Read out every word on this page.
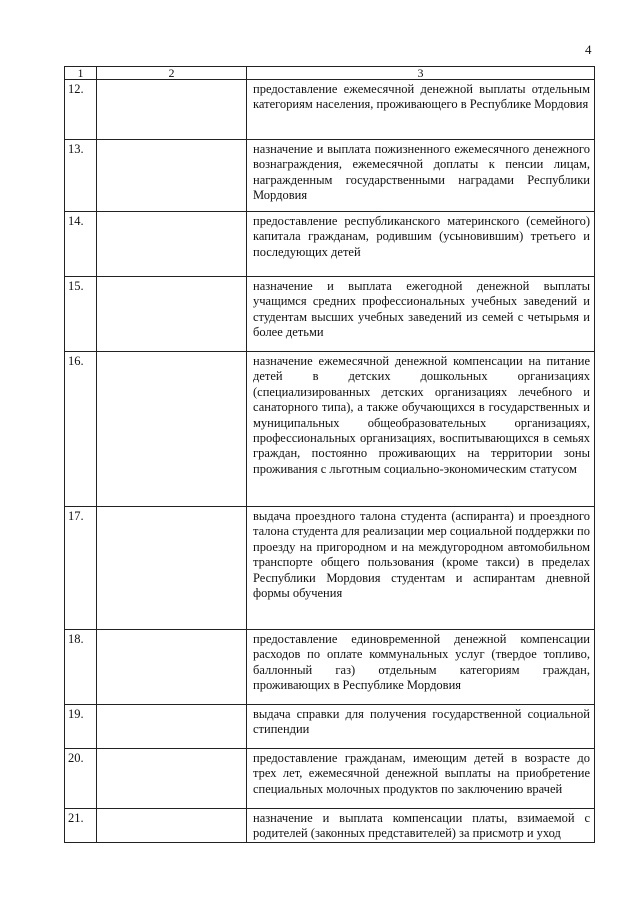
4
1	2	3
12.		предоставление ежемесячной денежной выплаты отдельным категориям населения, проживающего в Республике Мордовия
13.		назначение и выплата пожизненного ежемесячного денежного вознаграждения, ежемесячной доплаты к пенсии лицам, награжденным государственными наградами Республики Мордовия
14.		предоставление республиканского материнского (семейного) капитала гражданам, родившим (усыновившим) третьего и последующих детей
15.		назначение и выплата ежегодной денежной выплаты учащимся средних профессиональных учебных заведений и студентам высших учебных заведений из семей с четырьмя и более детьми
16.		назначение ежемесячной денежной компенсации на питание детей в детских дошкольных организациях (специализированных детских организациях лечебного и санаторного типа), а также обучающихся в государственных и муниципальных общеобразовательных организациях, профессиональных организациях, воспитывающихся в семьях граждан, постоянно проживающих на территории зоны проживания с льготным социально-экономическим статусом
17.		выдача проездного талона студента (аспиранта) и проездного талона студента для реализации мер социальной поддержки по проезду на пригородном и на междугородном автомобильном транспорте общего пользования (кроме такси) в пределах Республики Мордовия студентам и аспирантам дневной формы обучения
18.		предоставление единовременной денежной компенсации расходов по оплате коммунальных услуг (твердое топливо, баллонный газ) отдельным категориям граждан, проживающих в Республике Мордовия
19.		выдача справки для получения государственной социальной стипендии
20.		предоставление гражданам, имеющим детей в возрасте до трех лет, ежемесячной денежной выплаты на приобретение специальных молочных продуктов по заключению врачей
21.		назначение и выплата компенсации платы, взимаемой с родителей (законных представителей) за присмотр и уход
